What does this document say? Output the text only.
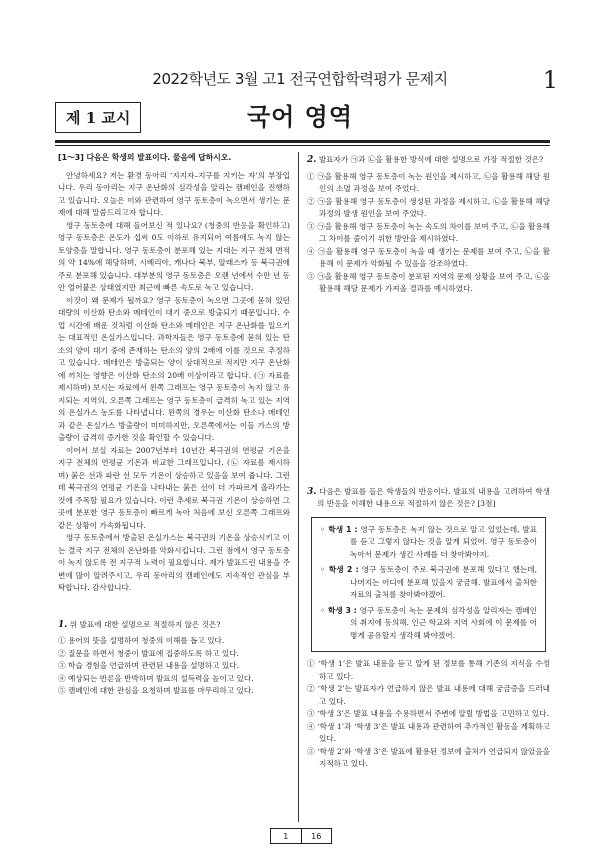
2022학년도 3월 고1 전국연합학력평가 문제지	1
제 1 교시	국어 영역
[1～3] 다음은 학생의 발표이다. 물음에 답하시오.

안녕하세요? 저는 환경 동아리 ‘지지자–지구를 지키는 자’의 부장입니다. 우리 동아리는 지구 온난화의 심각성을 알리는 캠페인을 진행하고 있습니다. 오늘은 이와 관련하여 영구 동토층이 녹으면서 생기는 문제에 대해 말씀드리고자 합니다.

영구 동토층에 대해 들어보신 적 있나요? (청중의 반응을 확인하고) 영구 동토층은 온도가 섭씨 0도 이하로 유지되어 여름에도 녹지 않는 토양층을 말합니다. 영구 동토층이 분포해 있는 지대는 지구 전체 면적의 약 14%에 해당하며, 시베리아, 캐나다 북부, 알래스카 등 북극권에 주로 분포해 있습니다. 대부분의 영구 동토층은 오랜 년에서 수만 년 동안 얼어붙은 상태였지만 최근에 빠른 속도로 녹고 있습니다.

이것이 왜 문제가 될까요? 영구 동토층이 녹으면 그곳에 묻혀 있던 대량의 이산화 탄소와 메테인이 대기 중으로 방출되기 때문입니다. 수업 시간에 배운 것처럼 이산화 탄소와 메테인은 지구 온난화를 일으키는 대표적인 온실가스입니다. 과학자들은 영구 동토층에 묻혀 있는 탄소의 양이 대기 중에 존재하는 탄소의 양의 2배에 이를 것으로 추정하고 있습니다. 메테인은 방출되는 양이 상대적으로 적지만 지구 온난화에 끼치는 영향은 이산화 탄소의 20배 이상이라고 합니다. (㉠ 자료를 제시하며) 보시는 자료에서 왼쪽 그래프는 영구 동토층이 녹지 않고 유지되는 지역의, 오른쪽 그래프는 영구 동토층이 급격히 녹고 있는 지역의 온실가스 농도를 나타냅니다. 왼쪽의 경우는 이산화 탄소나 메테인과 같은 온실가스 방출량이 미미하지만, 오른쪽에서는 이들 가스의 방출량이 급격히 증가한 것을 확인할 수 있습니다.

이어서 보실 자료는 2007년부터 10년간 북극권의 연평균 기온을 지구 전체의 연평균 기온과 비교한 그래프입니다. (㉡ 자료를 제시하며) 붉은 선과 파란 선 모두 기온이 상승하고 있음을 보여 줍니다. 그런데 북극권의 연평균 기온을 나타내는 붉은 선이 더 가파르게 올라가는 것에 주목할 필요가 있습니다. 이런 추세로 북극권 기온이 상승하면 그곳에 분포한 영구 동토층이 빠르게 녹아 처음에 보신 오른쪽 그래프와 같은 상황이 가속화됩니다.

영구 동토층에서 방출된 온실가스는 북극권의 기온을 상승시키고 이는 결국 지구 전체의 온난화를 악화시킵니다. 그런 점에서 영구 동토층이 녹지 않도록 전 지구적 노력이 필요합니다. 제가 발표드린 내용을 주변에 많이 알려주시고, 우리 동아리의 캠페인에도 지속적인 관심을 부탁합니다. 감사합니다.

1. 위 발표에 대한 설명으로 적절하지 않은 것은?
① 용어의 뜻을 설명하여 청중의 이해를 돕고 있다.
② 질문을 하면서 청중이 발표에 집중하도록 하고 있다.
③ 학습 경험을 언급하며 관련된 내용을 설명하고 있다.
④ 예상되는 반론을 반박하며 발표의 설득력을 높이고 있다.
⑤ 캠페인에 대한 관심을 요청하며 발표를 마무리하고 있다.
2. 발표자가 ㉠과 ㉡을 활용한 방식에 대한 설명으로 가장 적절한 것은?
① ㉠을 활용해 영구 동토층이 녹는 원인을 제시하고, ㉡을 활용해 해당 원인의 소멸 과정을 보여 주었다.
② ㉠을 활용해 영구 동토층이 생성된 과정을 제시하고, ㉡을 활용해 해당 과정의 발생 원인을 보여 주었다.
③ ㉠을 활용해 영구 동토층이 녹는 속도의 차이를 보여 주고, ㉡을 활용해 그 차이를 줄이기 위한 방안을 제시하였다.
④ ㉠을 활용해 영구 동토층이 녹을 때 생기는 문제를 보여 주고, ㉡을 활용해 이 문제가 악화될 수 있음을 강조하였다.
⑤ ㉠을 활용해 영구 동토층이 분포된 지역의 문제 상황을 보여 주고, ㉡을 활용해 해당 문제가 가져올 결과를 예시하였다.
3. 다음은 발표를 들은 학생들의 반응이다. 발표의 내용을 고려하여 학생의 반응을 이해한 내용으로 적절하지 않은 것은? [3점]
◦ 학생 1 : 영구 동토층은 녹지 않는 것으로 알고 있었는데, 발표를 듣고 그렇지 않다는 것을 알게 되었어. 영구 동토층이 녹아서 문제가 생긴 사례를 더 찾아봐야지.
◦ 학생 2 : 영구 동토층이 주로 북극권에 분포해 있다고 했는데, 나머지는 어디에 분포해 있을지 궁금해. 발표에서 출처한 자료의 출처를 찾아봐야겠어.
◦ 학생 3 : 영구 동토층이 녹는 문제의 심각성을 알리자는 캠페인의 취지에 동의해. 인근 학교와 지역 사회에 이 문제를 어떻게 공유할지 생각해 봐야겠어.
① ‘학생 1’은 발표 내용을 듣고 알게 된 정보를 통해 기존의 지식을 수정하고 있다.
② ‘학생 2’는 발표자가 언급하지 않은 발표 내용에 대해 궁금증을 드러내고 있다.
③ ‘학생 3’은 발표 내용을 수용하면서 주변에 알릴 방법을 고민하고 있다.
④ ‘학생 1’과 ‘학생 3’은 발표 내용과 관련하여 추가적인 활동을 계획하고 있다.
⑤ ‘학생 2’와 ‘학생 3’은 발표에 활용된 정보에 출처가 언급되지 않았음을 지적하고 있다.
1	16
